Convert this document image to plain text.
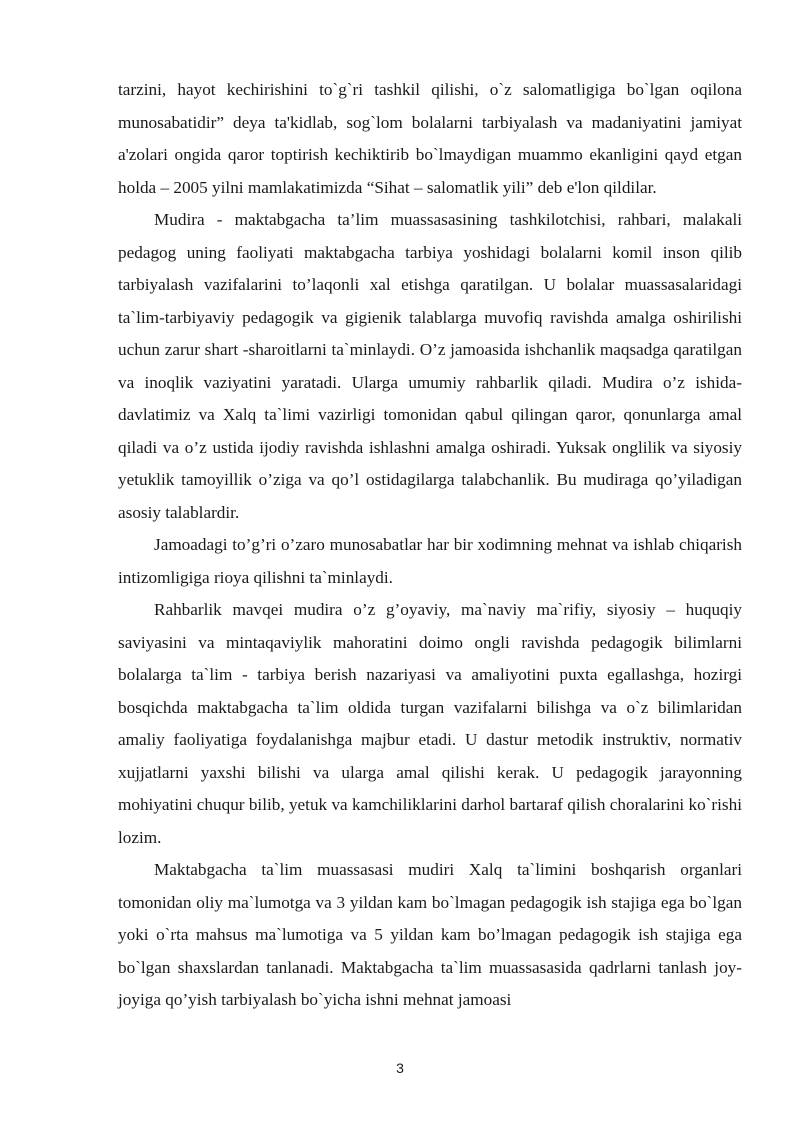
tarzini, hayot kechirishini to`g`ri tashkil qilishi, o`z salomatligiga bo`lgan oqilona munosabatidir” deya ta'kidlab, sog`lom bolalarni tarbiyalash va madaniyatini jamiyat a'zolari ongida qaror toptirish kechiktirib bo`lmaydigan muammo ekanligini qayd etgan holda – 2005 yilni mamlakatimizda “Sihat – salomatlik yili” deb e'lon qildilar.

Mudira - maktabgacha ta’lim muassasasining tashkilotchisi, rahbari, malakali pedagog uning faoliyati maktabgacha tarbiya yoshidagi bolalarni komil inson qilib tarbiyalash vazifalarini to’laqonli xal etishga qaratilgan. U bolalar muassasalaridagi ta`lim-tarbiyaviy pedagogik va gigienik talablarga muvofiq ravishda amalga oshirilishi uchun zarur shart -sharoitlarni ta`minlaydi. O’z jamoasida ishchanlik maqsadga qaratilgan va inoqlik vaziyatini yaratadi. Ularga umumiy rahbarlik qiladi. Mudira o’z ishida-davlatimiz va Xalq ta`limi vazirligi tomonidan qabul qilingan qaror, qonunlarga amal qiladi va o’z ustida ijodiy ravishda ishlashni amalga oshiradi. Yuksak onglilik va siyosiy yetuklik tamoyillik o’ziga va qo’l ostidagilarga talabchanlik. Bu mudiraga qo’yiladigan asosiy talablardir.

Jamoadagi to’g’ri o’zaro munosabatlar har bir xodimning mehnat va ishlab chiqarish intizomligiga rioya qilishni ta`minlaydi.

Rahbarlik mavqei mudira o’z g’oyaviy, ma`naviy ma`rifiy, siyosiy – huquqiy saviyasini va mintaqaviylik mahoratini doimo ongli ravishda pedagogik bilimlarni bolalarga ta`lim - tarbiya berish nazariyasi va amaliyotini puxta egallashga, hozirgi bosqichda maktabgacha ta`lim oldida turgan vazifalarni bilishga va o`z bilimlaridan amaliy faoliyatiga foydalanishga majbur etadi. U dastur metodik instruktiv, normativ xujjatlarni yaxshi bilishi va ularga amal qilishi kerak. U pedagogik jarayonning mohiyatini chuqur bilib, yetuk va kamchiliklarini darhol bartaraf qilish choralarini ko`rishi lozim.

Maktabgacha ta`lim muassasasi mudiri Xalq ta`limini boshqarish organlari tomonidan oliy ma`lumotga va 3 yildan kam bo`lmagan pedagogik ish stajiga ega bo`lgan yoki o`rta mahsus ma`lumotiga va 5 yildan kam bo’lmagan pedagogik ish stajiga ega bo`lgan shaxslardan tanlanadi. Maktabgacha ta`lim muassasasida qadrlarni tanlash joy-joyiga qo’yish tarbiyalash bo`yicha ishni mehnat jamoasi

3
